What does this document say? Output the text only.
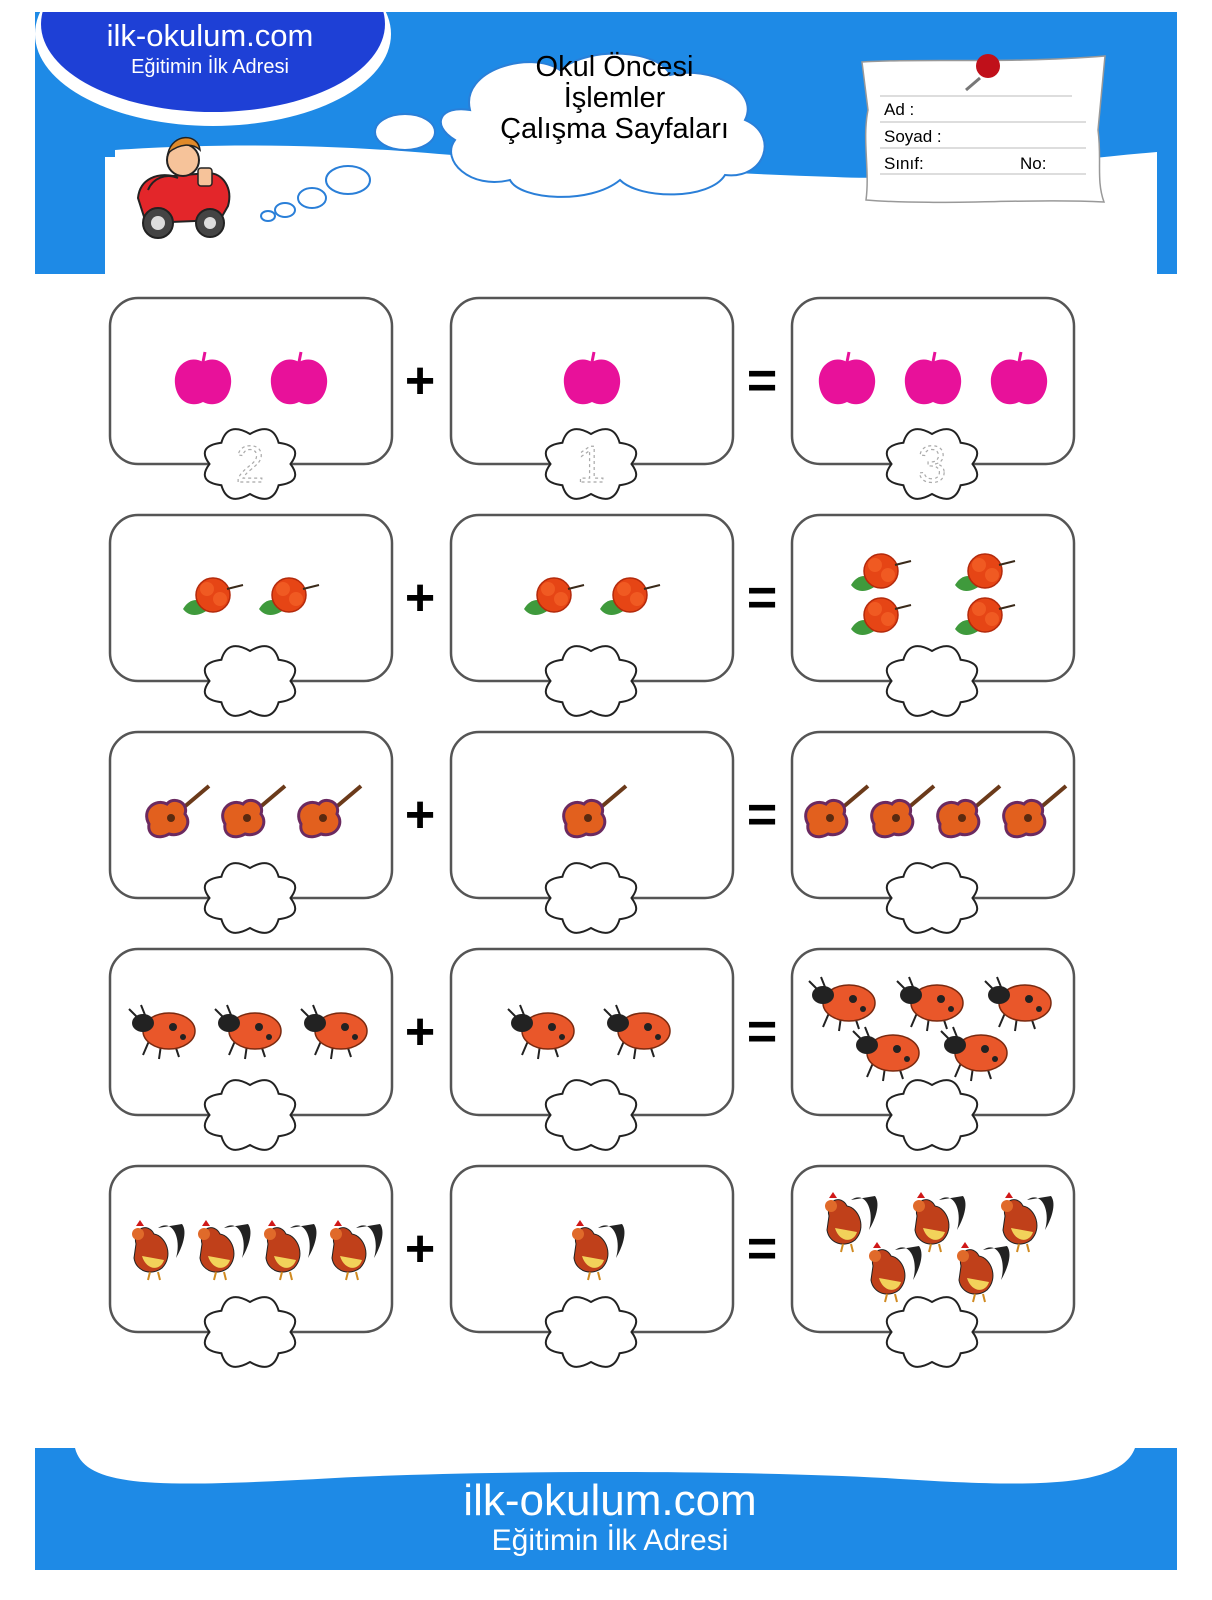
ilk-okulum.com
Eğitimin İlk Adresi	Okul Öncesi
İşlemler
Çalışma Sayfaları
Ad :
Soyad :
Sınıf:	No:
2	1	3
+	=
+	=
+	=
+	=
+	=
ilk-okulum.com
Eğitimin İlk Adresi
